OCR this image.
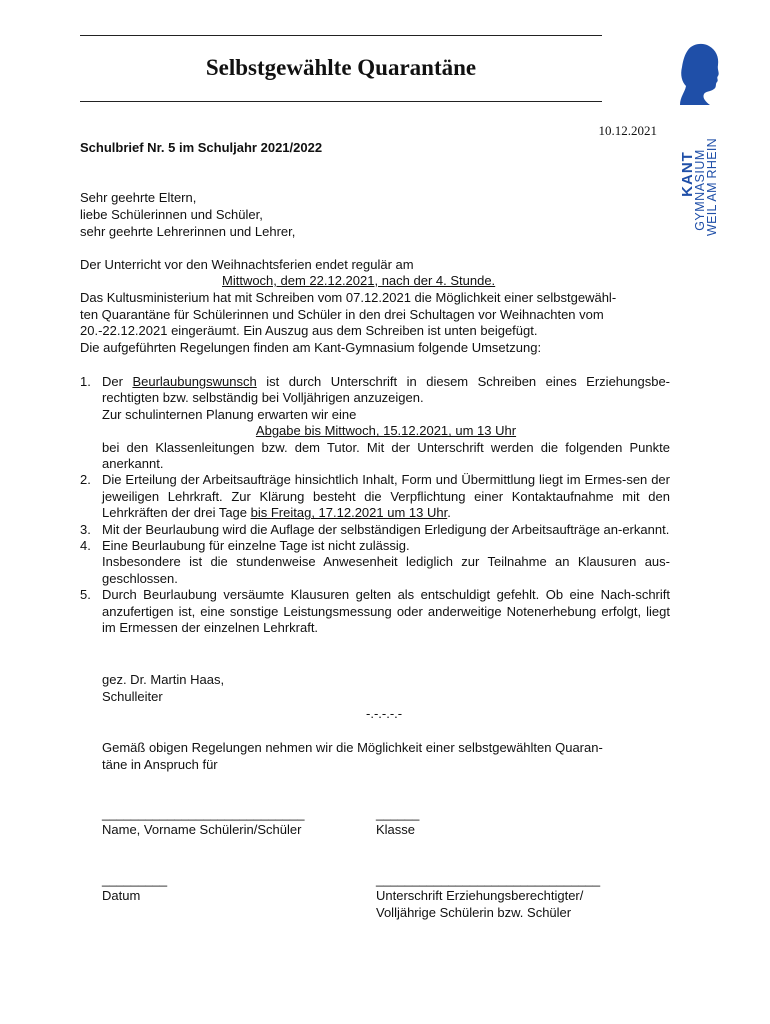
Selbstgewählte Quarantäne
10.12.2021
KANT
GYMNASIUM
WEIL AM RHEIN
Schulbrief Nr. 5 im Schuljahr 2021/2022
Sehr geehrte Eltern,
liebe Schülerinnen und Schüler,
sehr geehrte Lehrerinnen und Lehrer,
Der Unterricht vor den Weihnachtsferien endet regulär am
Mittwoch, dem 22.12.2021, nach der 4. Stunde.
Das Kultusministerium hat mit Schreiben vom 07.12.2021 die Möglichkeit einer selbstgewähl-
ten Quarantäne für Schülerinnen und Schüler in den drei Schultagen vor Weihnachten vom
20.-22.12.2021 eingeräumt. Ein Auszug aus dem Schreiben ist unten beigefügt.
Die aufgeführten Regelungen finden am Kant-Gymnasium folgende Umsetzung:
1. Der Beurlaubungswunsch ist durch Unterschrift in diesem Schreiben eines Erziehungsbe-rechtigten bzw. selbständig bei Volljährigen anzuzeigen.
Zur schulinternen Planung erwarten wir eine

Abgabe bis Mittwoch, 15.12.2021, um 13 Uhr
bei den Klassenleitungen bzw. dem Tutor. Mit der Unterschrift werden die folgenden Punkte anerkannt.
2. Die Erteilung der Arbeitsaufträge hinsichtlich Inhalt, Form und Übermittlung liegt im Ermes-sen der jeweiligen Lehrkraft. Zur Klärung besteht die Verpflichtung einer Kontaktaufnahme mit den Lehrkräften der drei Tage bis Freitag, 17.12.2021 um 13 Uhr.
3. Mit der Beurlaubung wird die Auflage der selbständigen Erledigung der Arbeitsaufträge an-erkannt.
4. Eine Beurlaubung für einzelne Tage ist nicht zulässig.
Insbesondere ist die stundenweise Anwesenheit lediglich zur Teilnahme an Klausuren aus-geschlossen.
5. Durch Beurlaubung versäumte Klausuren gelten als entschuldigt gefehlt. Ob eine Nach-schrift anzufertigen ist, eine sonstige Leistungsmessung oder anderweitige Notenerhebung erfolgt, liegt im Ermessen der einzelnen Lehrkraft.
gez. Dr. Martin Haas,
Schulleiter
-.-.-.-.-
Gemäß obigen Regelungen nehmen wir die Möglichkeit einer selbstgewählten Quaran-
täne in Anspruch für
____________________________	______
Name, Vorname Schülerin/Schüler	Klasse
_________	_______________________________
Datum	Unterschrift Erziehungsberechtigter/
Volljährige Schülerin bzw. Schüler
